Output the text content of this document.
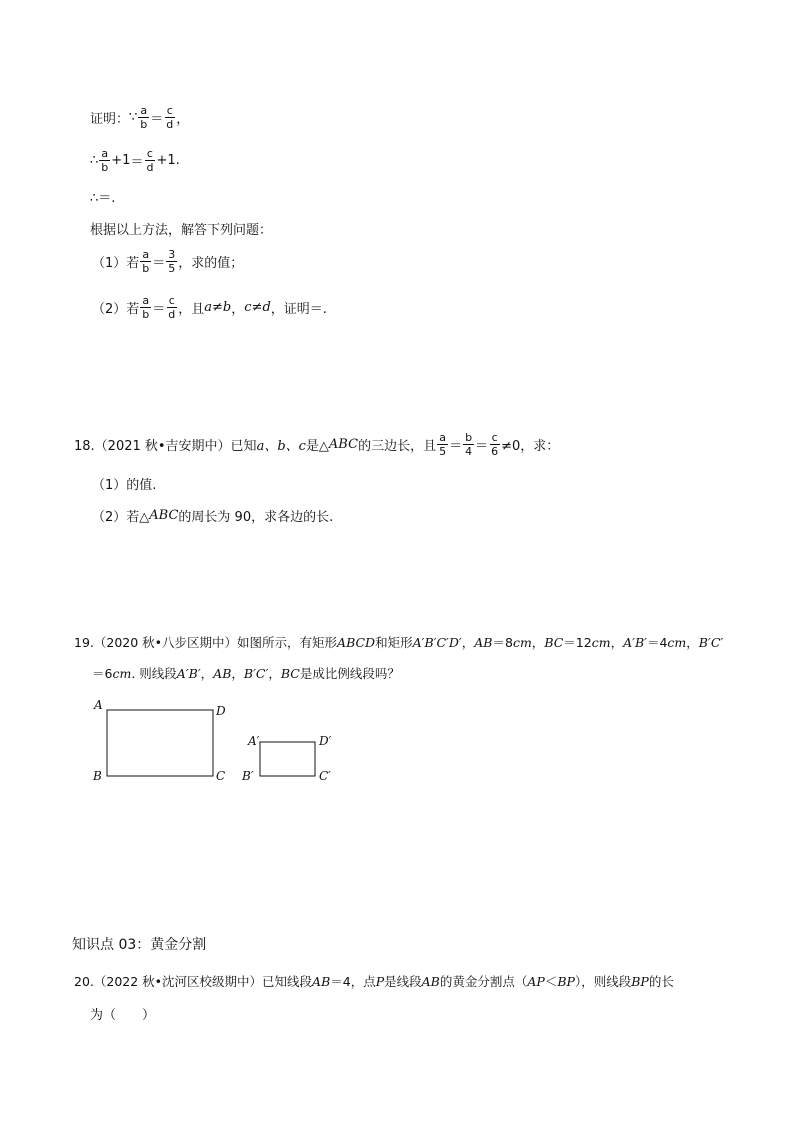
证明： ∵ $\frac{a}{b} = \frac{c}{d}$ ，
∴ $\frac{a}{b} +1 = \frac{c}{d} +1$ .
∴＝.
根据以上方法，解答下列问题：
（1）若 $\frac{a}{b} = \frac{3}{5}$ ，求的值；
（2）若 $\frac{a}{b} = \frac{c}{d}$ ，且 a≠b ， c≠d ，证明＝.
18.（2021 秋•吉安期中）已知 a、b、c 是△ ABC 的三边长，且 $\frac{a}{5} = \frac{b}{4} = \frac{c}{6} \ne 0$，求：
（1）的值.
（2）若△ ABC 的周长为 90，求各边的长.
19.（2020 秋•八步区期中）如图所示，有矩形 ABCD 和矩形 A′B′C′D′ ， AB ＝8 cm ， BC ＝12 cm ， A′B′ ＝4 cm ， B′C′
＝6 cm . 则线段 A′B′ ， AB ， B′C′ ， BC 是成比例线段吗？
A	D
B	C
A′	D′
B′	C′
知识点 03：黄金分割
20.（2022 秋•沈河区校级期中）已知线段 AB ＝4，点 P 是线段 AB 的黄金分割点（ AP ＜ BP ），则线段 BP 的长
为（　　）
